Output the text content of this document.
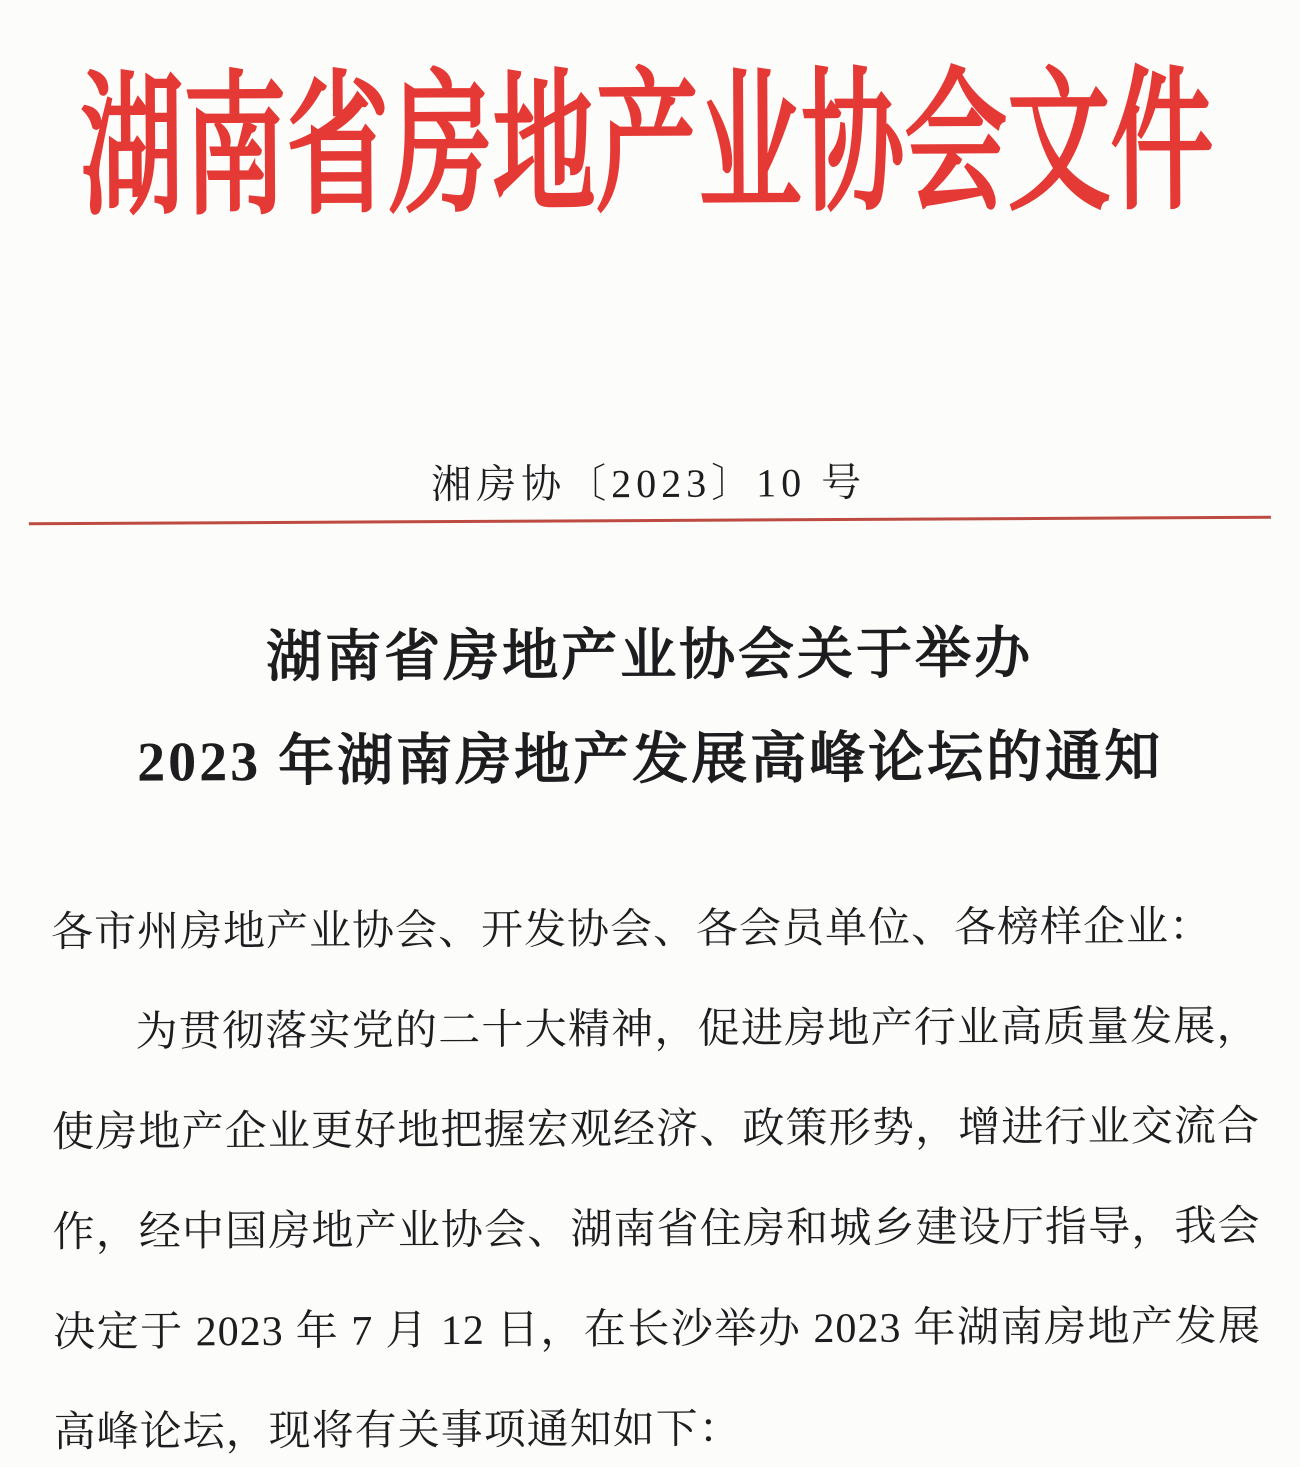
湖南省房地产业协会文件
湘房协〔2023〕10 号
湖南省房地产业协会关于举办
2023 年湖南房地产发展高峰论坛的通知

各市州房地产业协会、开发协会、各会员单位、各榜样企业：

为贯彻落实党的二十大精神，促进房地产行业高质量发展，使房地产企业更好地把握宏观经济、政策形势，增进行业交流合作，经中国房地产业协会、湖南省住房和城乡建设厅指导，我会决定于 2023 年 7 月 12 日，在长沙举办 2023 年湖南房地产发展高峰论坛，现将有关事项通知如下：
